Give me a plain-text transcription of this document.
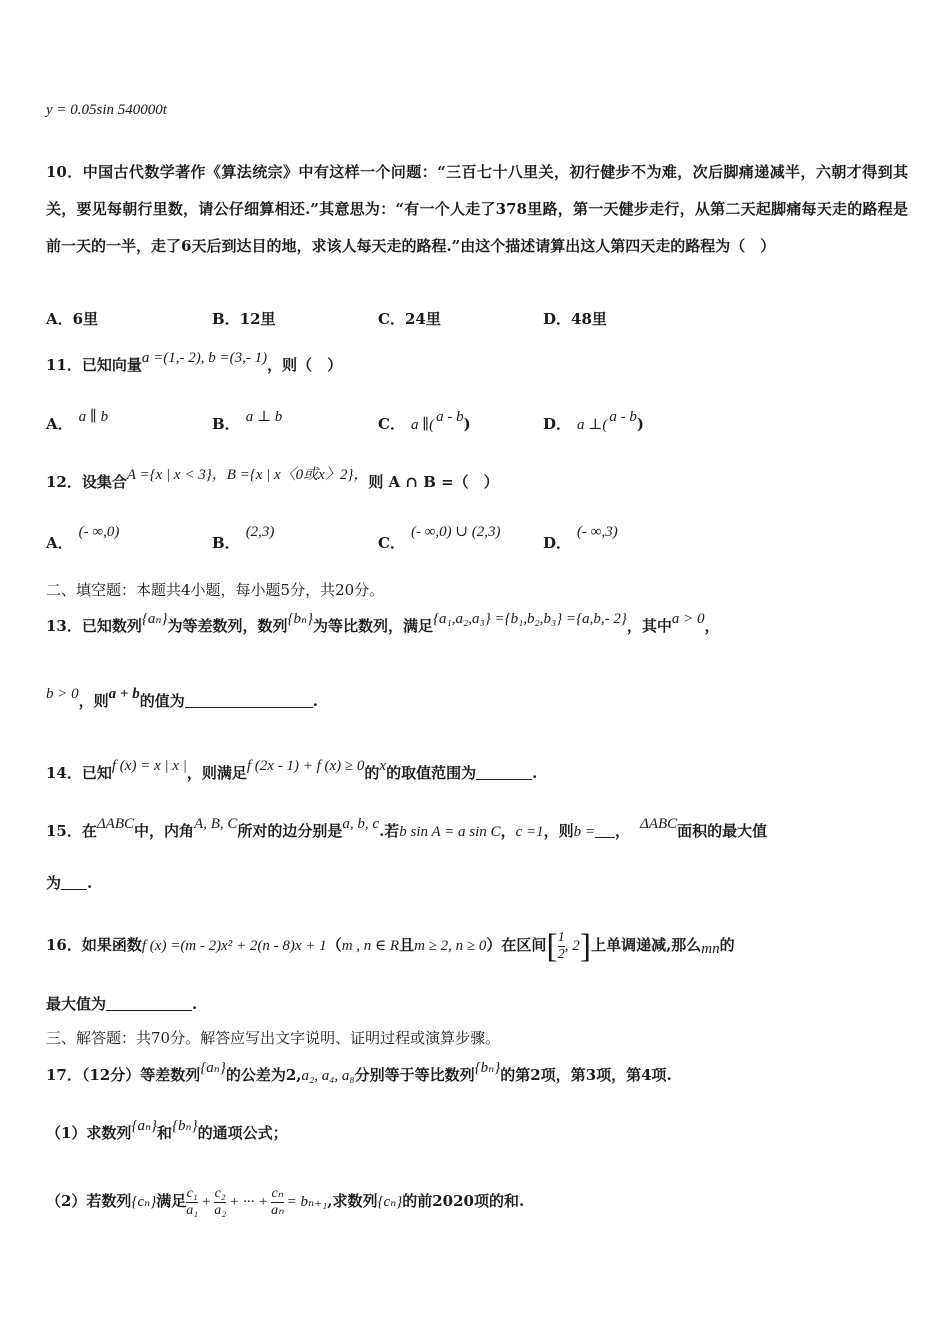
y = 0.05sin 540000t
10．中国古代数学著作《算法统宗》中有这样一个问题：“三百七十八里关，初行健步不为难，次后脚痛递减半，六朝才得到其关，要见每朝行里数，请公仔细算相还.”其意思为：“有一个人走了378里路，第一天健步走行，从第二天起脚痛每天走的路程是前一天的一半，走了6天后到达目的地，求该人每天走的路程.”由这个描述请算出这人第四天走的路程为（　）
A．6里	B．12里	C．24里	D．48里
11．已知向量a =(1,- 2), b =(3,- 1)，则（　）
A． a ∥ b	B． a ⊥ b	C． a ∥( a - b)	D． a ⊥( a - b)
12．设集合A ={x | x < 3}，B ={x | x〈0或x〉2}，则 A ∩ B =（　）
A．(- ∞,0)
B．(2,3)
C．(- ∞,0) ∪ (2,3)
D．(- ∞,3)
二、填空题：本题共4小题，每小题5分，共20分。
13．已知数列{aₙ}为等差数列，数列{bₙ}为等比数列，满足{a₁,a₂,a₃} ={b₁,b₂,b₃} ={a,b,- 2}，其中a > 0，
b > 0，则a + b的值为	.
14．已知f (x) = x | x |，则满足f (2x - 1) + f (x) ≥ 0的x的取值范围为	.
15．在ΔABC中，内角A, B, C所对的边分别是a, b, c.若b sin A = a sin C，c =1，则b = ， ΔABC面积的最大值
为 .
16．如果函数f (x) =(m - 2)x² + 2(n - 8)x + 1（m , n ∈ R且m ≥ 2, n ≥ 0）在区间[ $\frac{1}{2}$ , 2]上单调递减,那么mn的
最大值为	.
三、解答题：共70分。解答应写出文字说明、证明过程或演算步骤。
17．（12分）等差数列{aₙ}的公差为2,a₂, a₄, a₈分别等于等比数列{bₙ}的第2项，第3项，第4项.
（1）求数列{aₙ}和{bₙ}的通项公式；
（2）若数列{cₙ}满足 $\frac{\text{c₁}}{\text{a₁}} + \frac{\text{c₂}}{\text{a₂}}$ + ··· + $\frac{\text{cₙ}}{\text{aₙ}} = b_{n+1}$,求数列{cₙ}的前2020项的和.
